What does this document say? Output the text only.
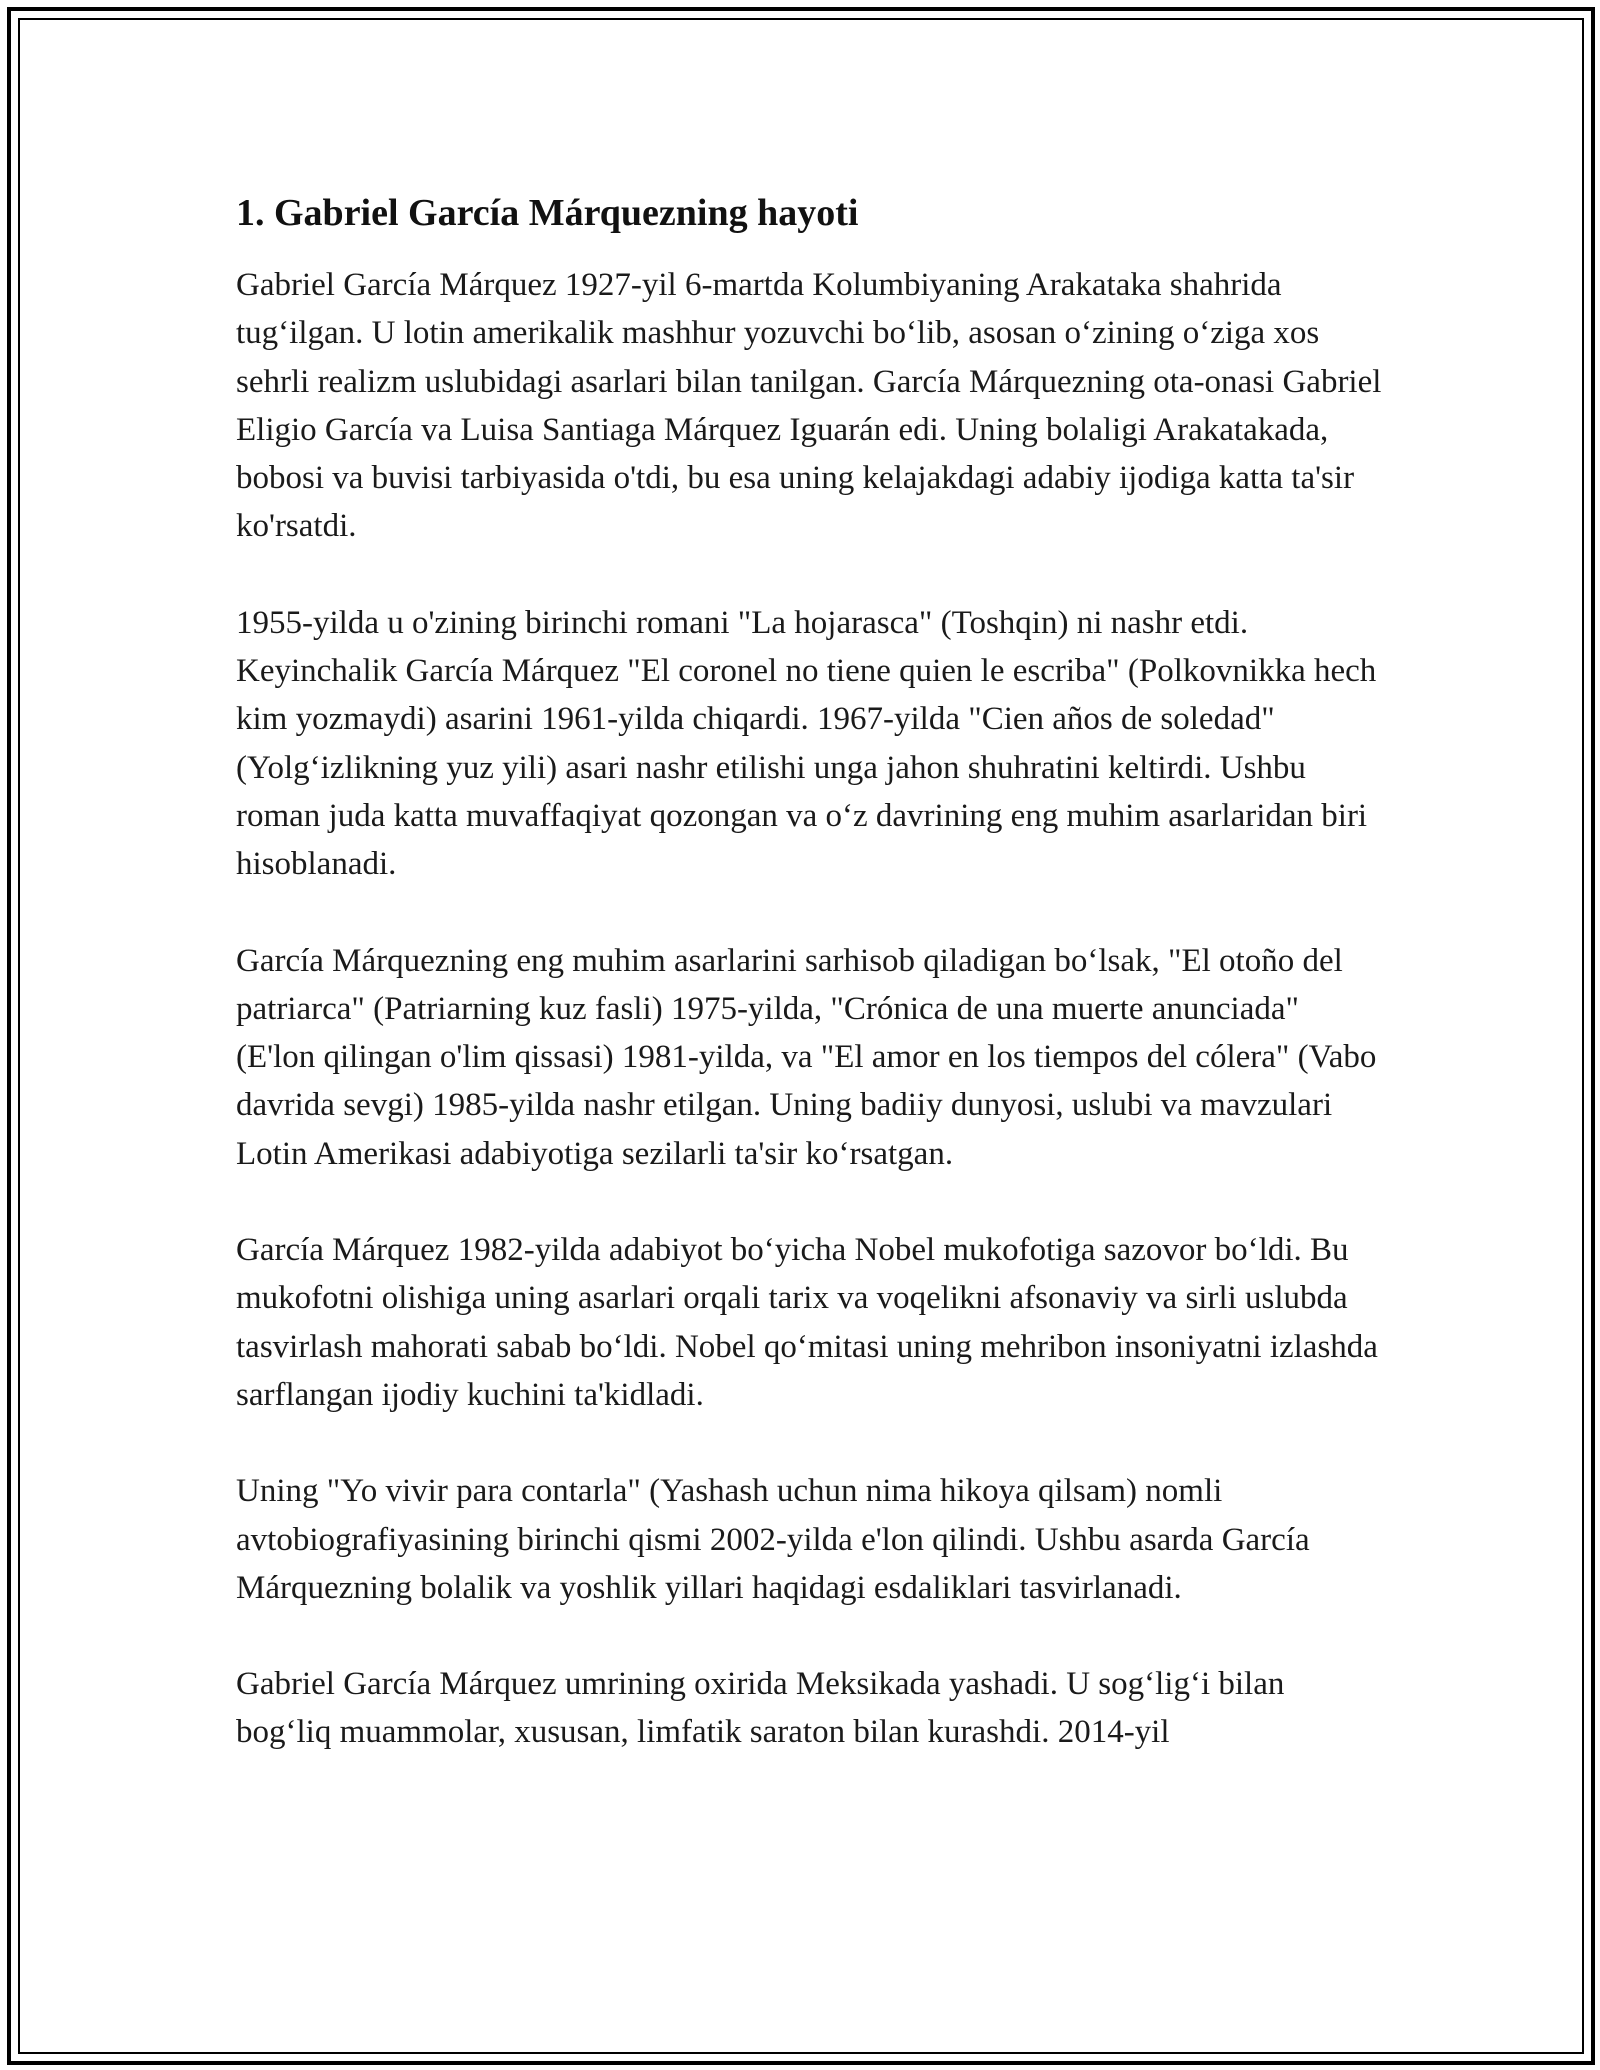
1. Gabriel García Márquezning hayoti

Gabriel García Márquez 1927-yil 6-martda Kolumbiyaning Arakataka shahrida tug‘ilgan. U lotin amerikalik mashhur yozuvchi bo‘lib, asosan o‘zining o‘ziga xos sehrli realizm uslubidagi asarlari bilan tanilgan. García Márquezning ota-onasi Gabriel Eligio García va Luisa Santiaga Márquez Iguarán edi. Uning bolaligi Arakatakada, bobosi va buvisi tarbiyasida o'tdi, bu esa uning kelajakdagi adabiy ijodiga katta ta'sir ko'rsatdi.

1955-yilda u o'zining birinchi romani "La hojarasca" (Toshqin) ni nashr etdi. Keyinchalik García Márquez "El coronel no tiene quien le escriba" (Polkovnikka hech kim yozmaydi) asarini 1961-yilda chiqardi. 1967-yilda "Cien años de soledad" (Yolg‘izlikning yuz yili) asari nashr etilishi unga jahon shuhratini keltirdi. Ushbu roman juda katta muvaffaqiyat qozongan va o‘z davrining eng muhim asarlaridan biri hisoblanadi.

García Márquezning eng muhim asarlarini sarhisob qiladigan bo‘lsak, "El otoño del patriarca" (Patriarning kuz fasli) 1975-yilda, "Crónica de una muerte anunciada" (E'lon qilingan o'lim qissasi) 1981-yilda, va "El amor en los tiempos del cólera" (Vabo davrida sevgi) 1985-yilda nashr etilgan. Uning badiiy dunyosi, uslubi va mavzulari Lotin Amerikasi adabiyotiga sezilarli ta'sir ko‘rsatgan.

García Márquez 1982-yilda adabiyot bo‘yicha Nobel mukofotiga sazovor bo‘ldi. Bu mukofotni olishiga uning asarlari orqali tarix va voqelikni afsonaviy va sirli uslubda tasvirlash mahorati sabab bo‘ldi. Nobel qo‘mitasi uning mehribon insoniyatni izlashda sarflangan ijodiy kuchini ta'kidladi.

Uning "Yo vivir para contarla" (Yashash uchun nima hikoya qilsam) nomli avtobiografiyasining birinchi qismi 2002-yilda e'lon qilindi. Ushbu asarda García Márquezning bolalik va yoshlik yillari haqidagi esdaliklari tasvirlanadi.

Gabriel García Márquez umrining oxirida Meksikada yashadi. U sog‘lig‘i bilan bog‘liq muammolar, xususan, limfatik saraton bilan kurashdi. 2014-yil
